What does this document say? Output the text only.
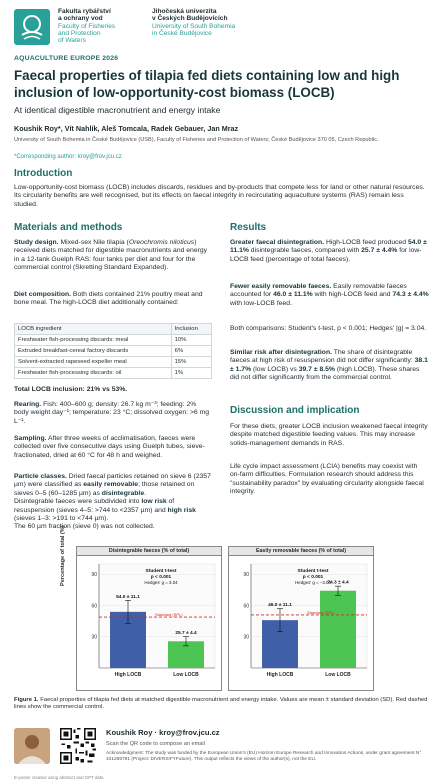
Fakulta rybářství
a ochrany vod
Faculty of Fisheries
and Protection
of Waters
Jihočeská univerzita
v Českých Budějovicích
University of South Bohemia
in České Budějovice
AQUACULTURE EUROPE 2026
Faecal properties of tilapia fed diets containing low and high inclusion of low-opportunity-cost biomass (LOCB)
At identical digestible macronutrient and energy intake
Koushik Roy*, Vít Nahlík, Aleš Tomcala, Radek Gebauer, Jan Mraz
University of South Bohemia in České Budějovice (USB), Faculty of Fisheries and Protection of Waters; České Budějovice 370 05, Czech Republic.
*Corresponding author: kroy@frov.jcu.cz
Introduction
Low-opportunity-cost biomass (LOCB) includes discards, residues and by-products that compete less for land or other natural resources. Its circularity benefits are well recognised, but its effects on faecal integrity in recirculating aquaculture systems (RAS) remain less studied.
Materials and methods
Study design. Mixed-sex Nile tilapia (Oreochromis niloticus) received diets matched for digestible macronutrients and energy in a 12-tank Guelph RAS: four tanks per diet and four for the commercial control (Skretting Standard Expanded).
Diet composition. Both diets contained 21% poultry meat and bone meal. The high-LOCB diet additionally contained:
LOCB ingredient	Inclusion
Freshwater fish-processing discards: meal	10%
Extruded breakfast-cereal factory discards	6%
Solvent-extracted rapeseed expeller meal	15%
Freshwater fish-processing discards: oil	1%
Total LOCB inclusion: 21% vs 53%.
Rearing. Fish: 400–600 g; density: 26.7 kg m⁻³; feeding: 2% body weight day⁻¹; temperature: 23 °C; dissolved oxygen: >6 mg L⁻¹.
Sampling. After three weeks of acclimatisation, faeces were collected over five consecutive days using Guelph tubes, sieve-fractionated, dried at 60 °C for 48 h and weighed.
Particle classes. Dried faecal particles retained on sieve 6 (2357 µm) were classified as easily removable; those retained on sieves 0–5 (60–1285 µm) as disintegrable.
Disintegrable faeces were subdivided into low risk of resuspension (sieves 4–5: >744 to <2357 µm) and high risk (sieves 1–3: >191 to <744 µm).
The 60 µm fraction (sieve 0) was not collected.
Results
Greater faecal disintegration. High-LOCB feed produced 54.0 ± 11.1% disintegrable faeces, compared with 25.7 ± 4.4% for low-LOCB feed (percentage of total faeces).
Fewer easily removable faeces. Easily removable faeces accounted for 46.0 ± 11.1% with high-LOCB feed and 74.3 ± 4.4% with low-LOCB feed.
Both comparisons: Student's t-test, p < 0.001; Hedges' |g| = 3.04.
Similar risk after disintegration. The share of disintegrable faeces at high risk of resuspension did not differ significantly: 38.1 ± 1.7% (low LOCB) vs 39.7 ± 8.5% (high LOCB). These shares did not differ significantly from the commercial control.
Discussion and implication
For these diets, greater LOCB inclusion weakened faecal integrity despite matched digestible feeding values. This may increase solids-management demands in RAS.
Life cycle impact assessment (LCIA) benefits may coexist with on-farm difficulties. Formulation research should address this "sustainability paradox" by evaluating circularity alongside faecal integrity.
Percentage of total (%)	Disintegrable faeces (% of total)
30
60
90
54.0 ± 11.1
High LOCB
25.7 ± 4.4
Low LOCB
Standard (SPL)
Student t-test
p < 0.001
Hedges' g = 3.04
Easily removable faeces (% of total)
30
60
90
46.0 ± 11.1
High LOCB
74.3 ± 4.4
Low LOCB
Standard (SPL)
Student t-test
p < 0.001
Hedges' g = −3.04
Figure 1. Faecal properties of tilapia fed diets at matched digestible macronutrient and energy intake. Values are mean ± standard deviation (SD). Red dashed lines show the commercial control.
Koushik Roy · kroy@frov.jcu.cz
Scan the QR code to compose an email
Acknowledgment: The study was funded by the European Union's (EU) Horizon Europe Research and Innovation Actions, under grant agreement N° 101286791 (Project: DIVERSIFYFuture). This output reflects the views of the author(s), not the EU.
E-poster created using abstract and GPT data
